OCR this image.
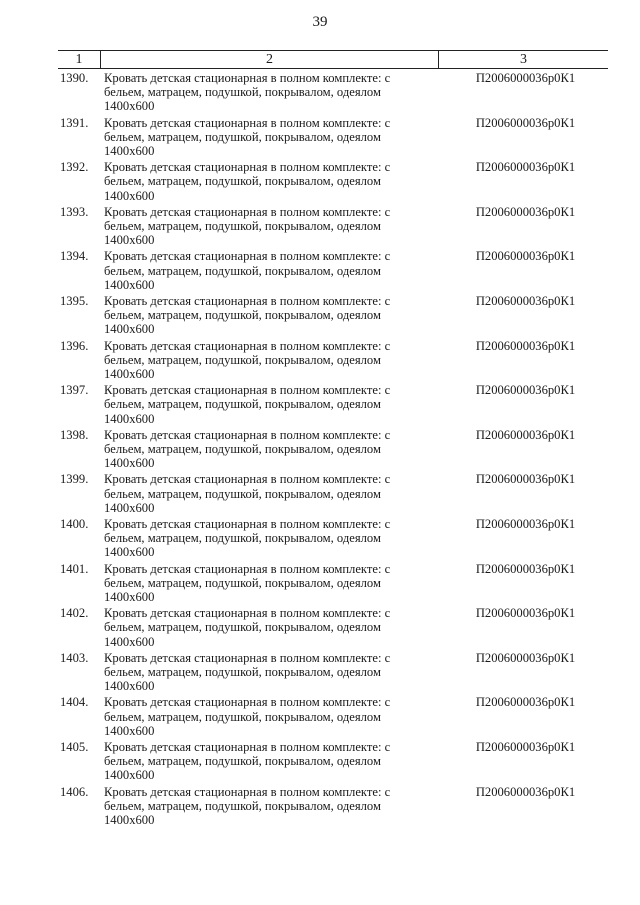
39
1	2	3
1390.	Кровать детская стационарная в полном комплекте: с
бельем, матрацем, подушкой, покрывалом, одеялом
1400х600
П2006000036р0К1
1391.	Кровать детская стационарная в полном комплекте: с
бельем, матрацем, подушкой, покрывалом, одеялом
1400х600
П2006000036р0К1
1392.	Кровать детская стационарная в полном комплекте: с
бельем, матрацем, подушкой, покрывалом, одеялом
1400х600
П2006000036р0К1
1393.	Кровать детская стационарная в полном комплекте: с
бельем, матрацем, подушкой, покрывалом, одеялом
1400х600
П2006000036р0К1
1394.	Кровать детская стационарная в полном комплекте: с
бельем, матрацем, подушкой, покрывалом, одеялом
1400х600
П2006000036р0К1
1395.	Кровать детская стационарная в полном комплекте: с
бельем, матрацем, подушкой, покрывалом, одеялом
1400х600
П2006000036р0К1
1396.	Кровать детская стационарная в полном комплекте: с
бельем, матрацем, подушкой, покрывалом, одеялом
1400х600
П2006000036р0К1
1397.	Кровать детская стационарная в полном комплекте: с
бельем, матрацем, подушкой, покрывалом, одеялом
1400х600
П2006000036р0К1
1398.	Кровать детская стационарная в полном комплекте: с
бельем, матрацем, подушкой, покрывалом, одеялом
1400х600
П2006000036р0К1
1399.	Кровать детская стационарная в полном комплекте: с
бельем, матрацем, подушкой, покрывалом, одеялом
1400х600
П2006000036р0К1
1400.	Кровать детская стационарная в полном комплекте: с
бельем, матрацем, подушкой, покрывалом, одеялом
1400х600
П2006000036р0К1
1401.	Кровать детская стационарная в полном комплекте: с
бельем, матрацем, подушкой, покрывалом, одеялом
1400х600
П2006000036р0К1
1402.	Кровать детская стационарная в полном комплекте: с
бельем, матрацем, подушкой, покрывалом, одеялом
1400х600
П2006000036р0К1
1403.	Кровать детская стационарная в полном комплекте: с
бельем, матрацем, подушкой, покрывалом, одеялом
1400х600
П2006000036р0К1
1404.	Кровать детская стационарная в полном комплекте: с
бельем, матрацем, подушкой, покрывалом, одеялом
1400х600
П2006000036р0К1
1405.	Кровать детская стационарная в полном комплекте: с
бельем, матрацем, подушкой, покрывалом, одеялом
1400х600
П2006000036р0К1
1406.	Кровать детская стационарная в полном комплекте: с
бельем, матрацем, подушкой, покрывалом, одеялом
1400х600
П2006000036р0К1
